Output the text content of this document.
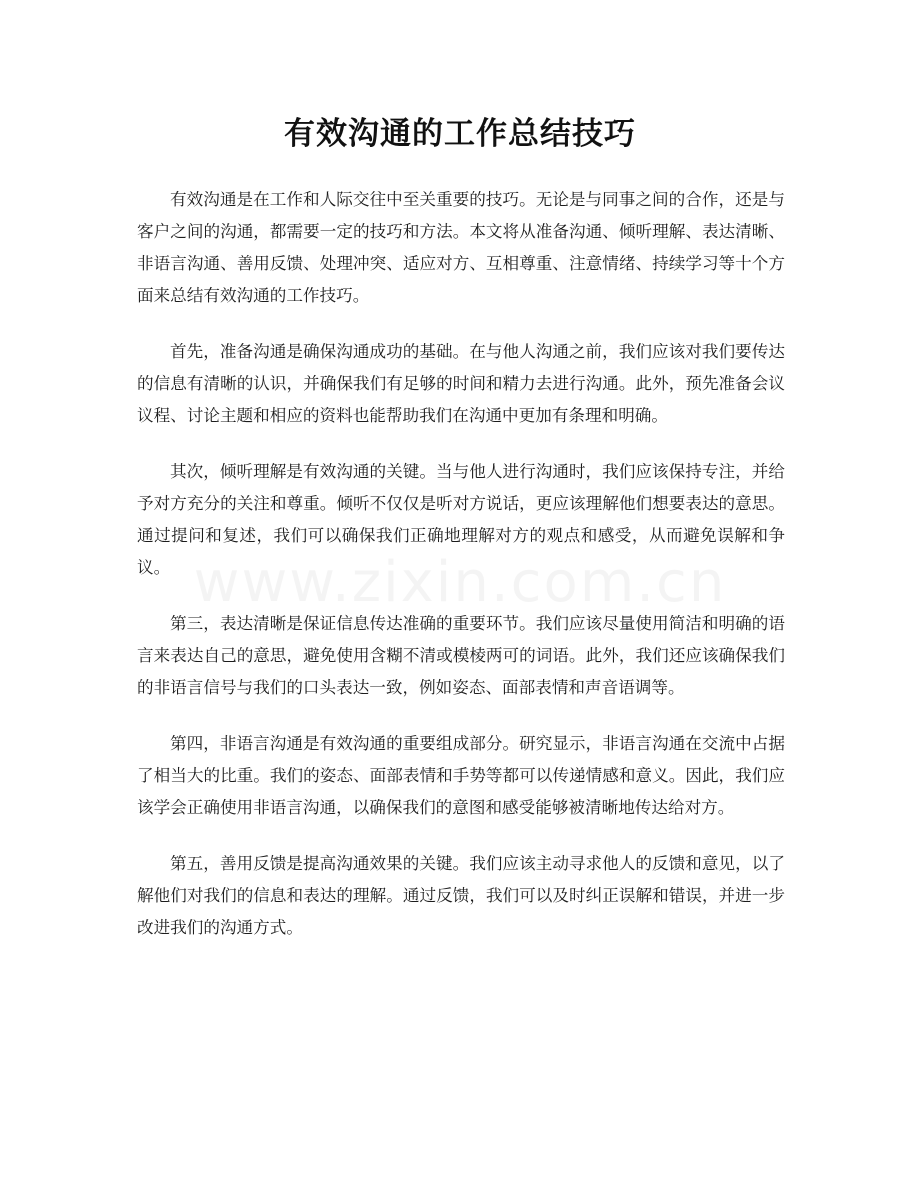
有效沟通的工作总结技巧

有效沟通是在工作和人际交往中至关重要的技巧。无论是与同事之间的合作，还是与客户之间的沟通，都需要一定的技巧和方法。本文将从准备沟通、倾听理解、表达清晰、非语言沟通、善用反馈、处理冲突、适应对方、互相尊重、注意情绪、持续学习等十个方面来总结有效沟通的工作技巧。

首先，准备沟通是确保沟通成功的基础。在与他人沟通之前，我们应该对我们要传达的信息有清晰的认识，并确保我们有足够的时间和精力去进行沟通。此外，预先准备会议议程、讨论主题和相应的资料也能帮助我们在沟通中更加有条理和明确。

其次，倾听理解是有效沟通的关键。当与他人进行沟通时，我们应该保持专注，并给予对方充分的关注和尊重。倾听不仅仅是听对方说话，更应该理解他们想要表达的意思。通过提问和复述，我们可以确保我们正确地理解对方的观点和感受，从而避免误解和争议。

第三，表达清晰是保证信息传达准确的重要环节。我们应该尽量使用简洁和明确的语言来表达自己的意思，避免使用含糊不清或模棱两可的词语。此外，我们还应该确保我们的非语言信号与我们的口头表达一致，例如姿态、面部表情和声音语调等。

第四，非语言沟通是有效沟通的重要组成部分。研究显示，非语言沟通在交流中占据了相当大的比重。我们的姿态、面部表情和手势等都可以传递情感和意义。因此，我们应该学会正确使用非语言沟通，以确保我们的意图和感受能够被清晰地传达给对方。

第五，善用反馈是提高沟通效果的关键。我们应该主动寻求他人的反馈和意见，以了解他们对我们的信息和表达的理解。通过反馈，我们可以及时纠正误解和错误，并进一步改进我们的沟通方式。
